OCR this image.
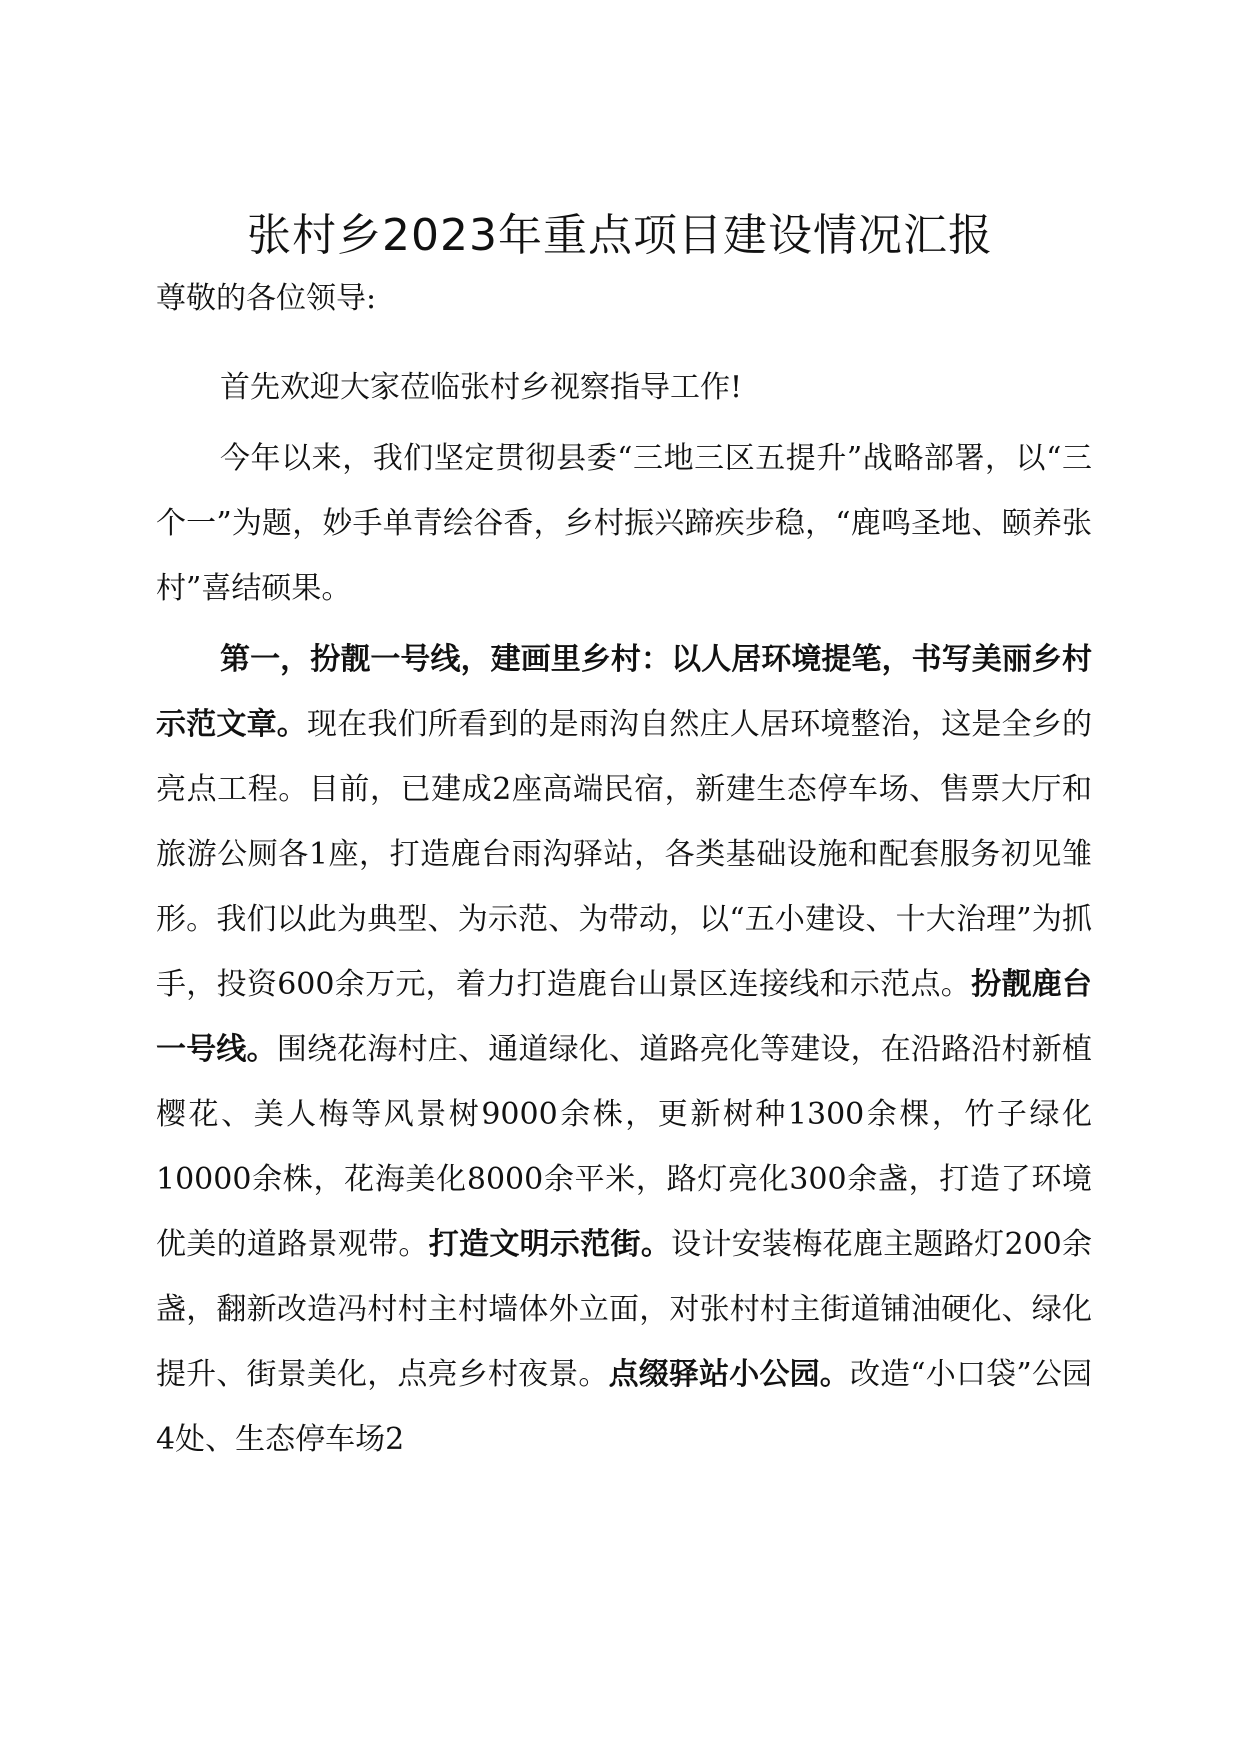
张村乡2023年重点项目建设情况汇报

尊敬的各位领导:

首先欢迎大家莅临张村乡视察指导工作!

今年以来，我们坚定贯彻县委“三地三区五提升”战略部署，以“三个一”为题，妙手单青绘谷香，乡村振兴蹄疾步稳，“鹿鸣圣地、颐养张村”喜结硕果。

第一，扮靓一号线，建画里乡村：以人居环境提笔，书写美丽乡村示范文章。现在我们所看到的是雨沟自然庄人居环境整治，这是全乡的亮点工程。目前，已建成2座高端民宿，新建生态停车场、售票大厅和旅游公厕各1座，打造鹿台雨沟驿站，各类基础设施和配套服务初见雏形。我们以此为典型、为示范、为带动，以“五小建设、十大治理”为抓手，投资600余万元，着力打造鹿台山景区连接线和示范点。扮靓鹿台一号线。围绕花海村庄、通道绿化、道路亮化等建设，在沿路沿村新植樱花、美人梅等风景树9000余株，更新树种1300余棵，竹子绿化10000余株，花海美化8000余平米，路灯亮化300余盏，打造了环境优美的道路景观带。打造文明示范街。设计安装梅花鹿主题路灯200余盏，翻新改造冯村村主村墙体外立面，对张村村主街道铺油硬化、绿化提升、街景美化，点亮乡村夜景。点缀驿站小公园。改造“小口袋”公园4处、生态停车场2
